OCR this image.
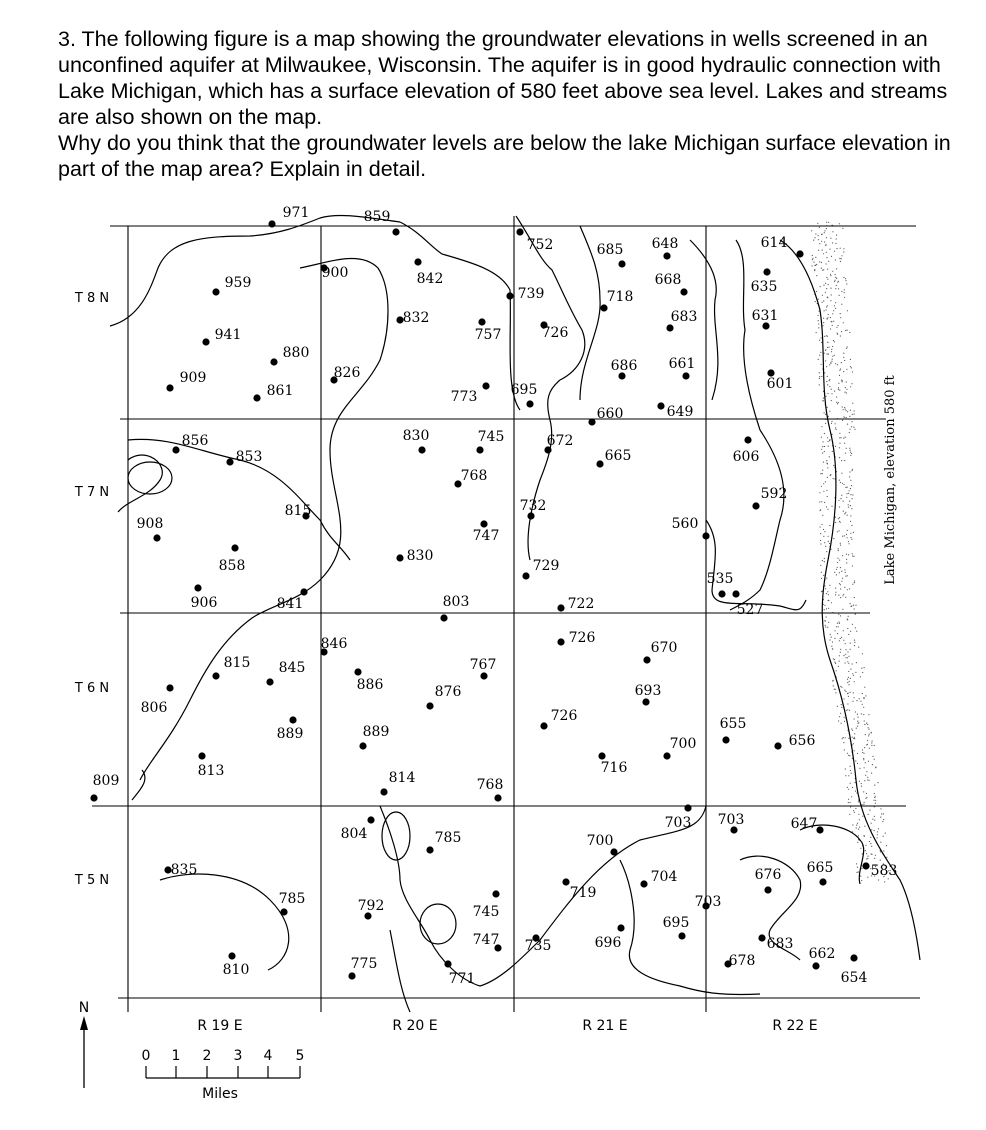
3. The following figure is a map showing the groundwater elevations in wells screened in an unconfined aquifer at Milwaukee, Wisconsin. The aquifer is in good hydraulic connection with Lake Michigan, which has a surface elevation of 580 feet above sea level. Lakes and streams are also shown on the map.

Why do you think that the groundwater levels are below the lake Michigan surface elevation in part of the map area? Explain in detail.

971	859
752	685 648	614
959
900	842
739	718
668	635
832
757	726
683	631
941
880
826	686 661
909
861	773 695	601
660	649
856
853
830	745	672
665	606
768
592
815	732
908	560
747
858
830
729
535
906	841	803	722	527
846	726
670
815 845	767
886	876	693
806	726	655
889	889
700	656
813	716
809	814	768
703 703	647
804	785	700
835	704	676 665	583
719
785	792	745
703
695
747 735	696	683
662
678
810	775
771	654
T 8 N
T 7 N
T 6 N
T 5 N
R 19 E	R 20 E	R 21 E	R 22 E
N
0 1 2 3 4 5
Miles
Lake Michigan, elevation 580 ft
